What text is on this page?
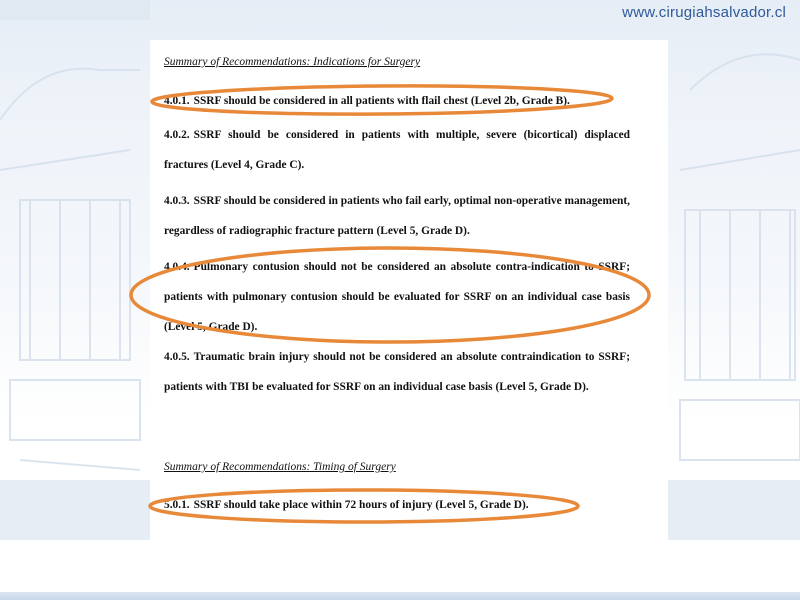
www.cirugiahsalvador.cl
Summary of Recommendations: Indications for Surgery
4.0.1. SSRF should be considered in all patients with flail chest (Level 2b, Grade B).
4.0.2. SSRF should be considered in patients with multiple, severe (bicortical) displaced fractures (Level 4, Grade C).
4.0.3. SSRF should be considered in patients who fail early, optimal non-operative management, regardless of radiographic fracture pattern (Level 5, Grade D).
4.0.4. Pulmonary contusion should not be considered an absolute contra-indication to SSRF; patients with pulmonary contusion should be evaluated for SSRF on an individual case basis (Level 5, Grade D).
4.0.5. Traumatic brain injury should not be considered an absolute contraindication to SSRF; patients with TBI be evaluated for SSRF on an individual case basis (Level 5, Grade D).
Summary of Recommendations: Timing of Surgery
5.0.1. SSRF should take place within 72 hours of injury (Level 5, Grade D).
